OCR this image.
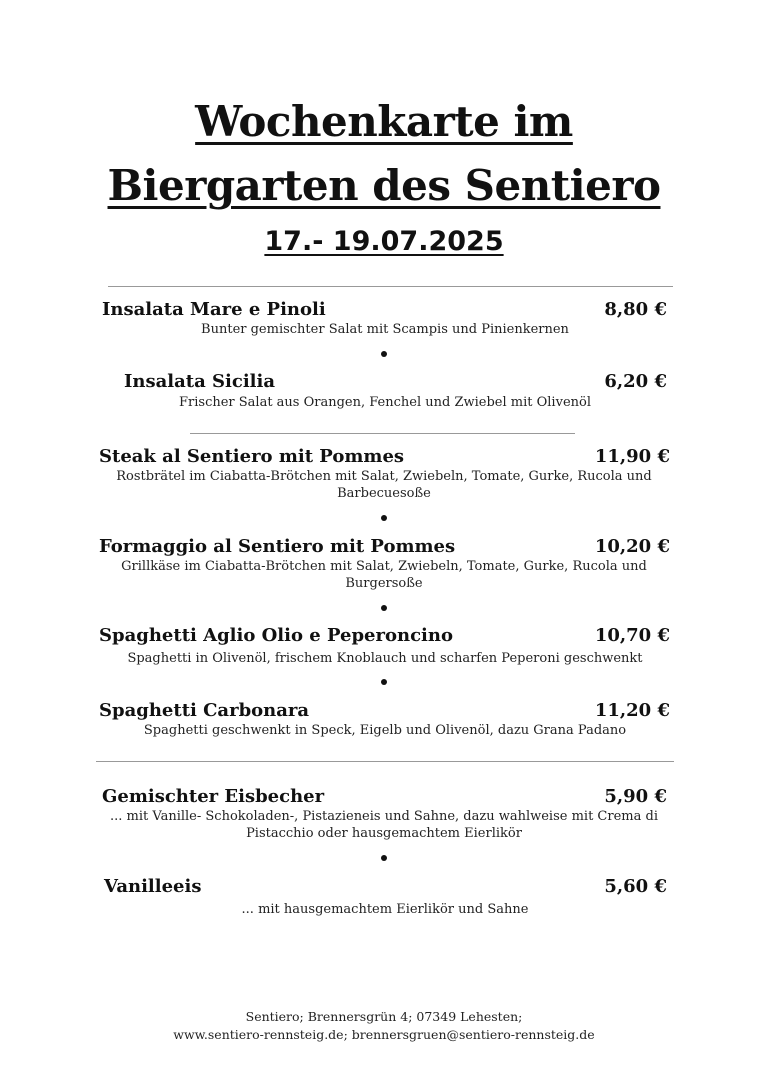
Wochenkarte im
Biergarten des Sentiero
17.- 19.07.2025
Insalata Mare e Pinoli	8,80 €
Bunter gemischter Salat mit Scampis und Pinienkernen
Insalata Sicilia	6,20 €
Frischer Salat aus Orangen, Fenchel und Zwiebel mit Olivenöl
Steak al Sentiero mit Pommes	11,90 €
Rostbrätel im Ciabatta-Brötchen mit Salat, Zwiebeln, Tomate, Gurke, Rucola und Barbecuesoße
Formaggio al Sentiero mit Pommes	10,20 €
Grillkäse im Ciabatta-Brötchen mit Salat, Zwiebeln, Tomate, Gurke, Rucola und Burgersoße
Spaghetti Aglio Olio e Peperoncino	10,70 €
Spaghetti in Olivenöl, frischem Knoblauch und scharfen Peperoni geschwenkt
Spaghetti Carbonara	11,20 €
Spaghetti geschwenkt in Speck, Eigelb und Olivenöl, dazu Grana Padano
Gemischter Eisbecher	5,90 €
... mit Vanille- Schokoladen-, Pistazieneis und Sahne, dazu wahlweise mit Crema di Pistacchio oder hausgemachtem Eierlikör
Vanilleeis	5,60 €
... mit hausgemachtem Eierlikör und Sahne
Sentiero; Brennersgrün 4; 07349 Lehesten;
www.sentiero-rennsteig.de; brennersgruen@sentiero-rennsteig.de
